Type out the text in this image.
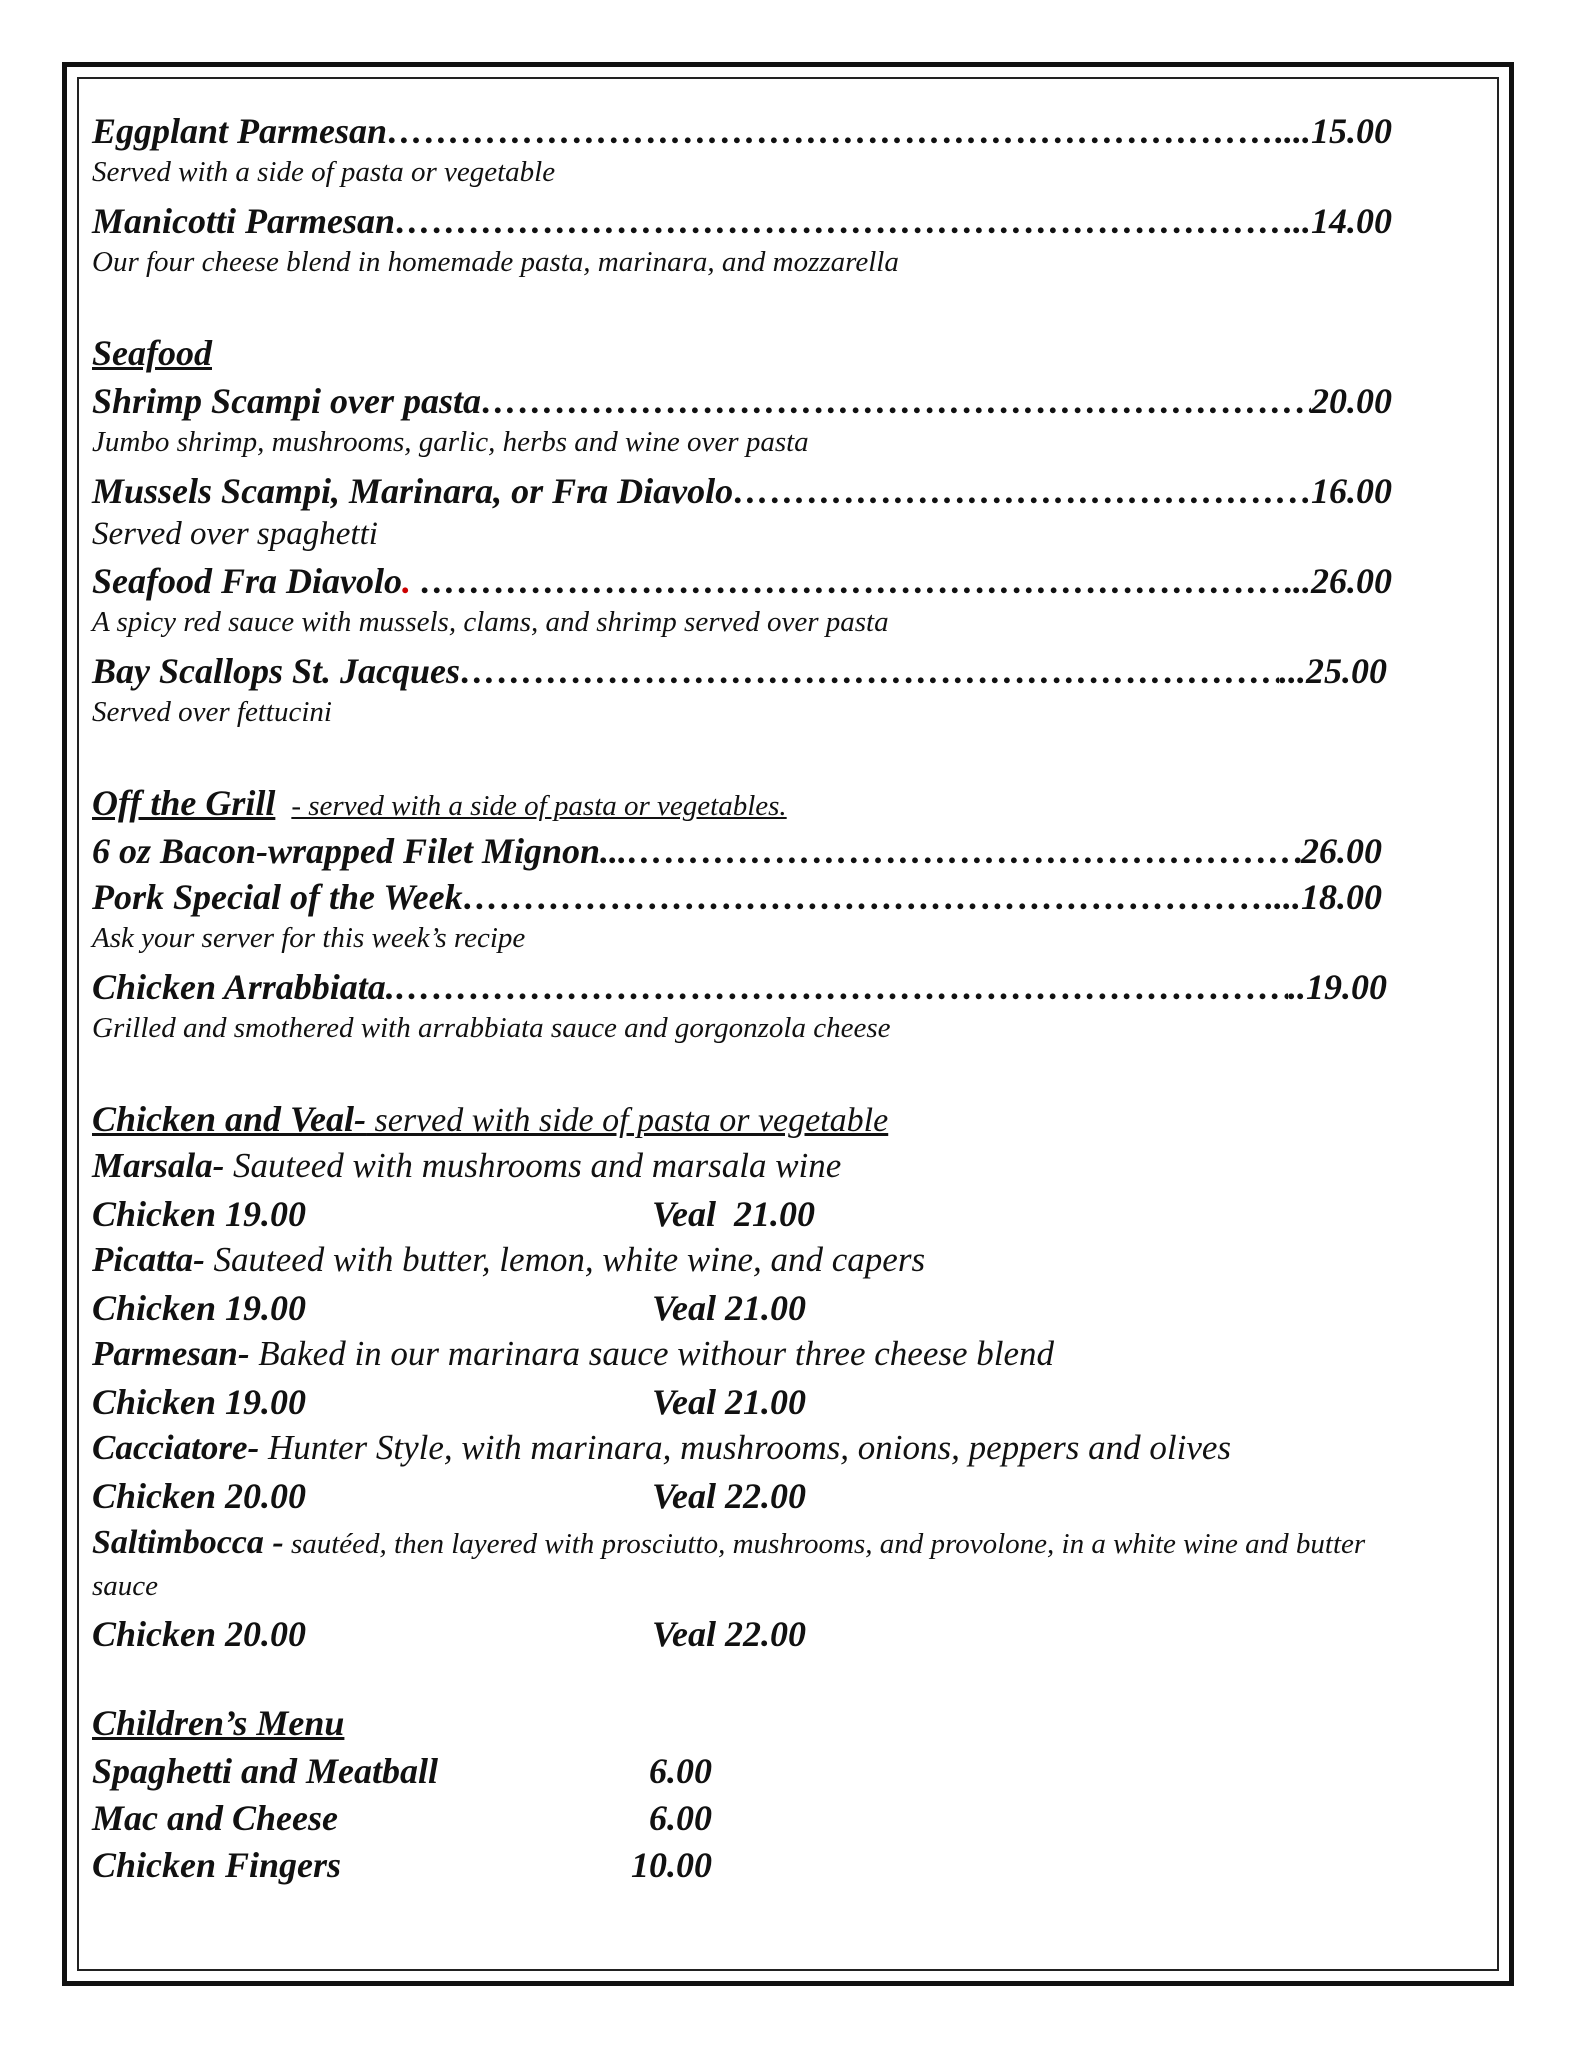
Eggplant Parmesan …………………………………………………………………………………………………………………………………………………………………………………………	....15.00
Served with a side of pasta or vegetable
Manicotti Parmesan …………………………………………………………………………………………………………………………………………………………………………………………	...14.00
Our four cheese blend in homemade pasta, marinara, and mozzarella
Seafood
Shrimp Scampi over pasta …………………………………………………………………………………………………………………………………………………………………………………………	20.00
Jumbo shrimp, mushrooms, garlic, herbs and wine over pasta
Mussels Scampi, Marinara, or Fra Diavolo …………………………………………………………………………………………………………………………………………………………………………………………	.16.00
Served over spaghetti
Seafood Fra Diavolo . …………………………………………………………………………………………………………………………………………………………………………………………	..26.00
A spicy red sauce with mussels, clams, and shrimp served over pasta
Bay Scallops St. Jacques …………………………………………………………………………………………………………………………………………………………………………………………	...25.00
Served over fettucini
Off the Grill - served with a side of pasta or vegetables.
6 oz Bacon-wrapped Filet Mignon... …………………………………………………………………………………………………………………………………………………………………………………………	26.00
Pork Special of the Week …………………………………………………………………………………………………………………………………………………………………………………………	....18.00
Ask your server for this week’s recipe
Chicken Arrabbiata. …………………………………………………………………………………………………………………………………………………………………………………………	..19.00
Grilled and smothered with arrabbiata sauce and gorgonzola cheese
Chicken and Veal- served with side of pasta or vegetable
Marsala- Sauteed with mushrooms and marsala wine
Chicken 19.00	Veal  21.00
Picatta- Sauteed with butter, lemon, white wine, and capers
Chicken 19.00	Veal 21.00
Parmesan- Baked in our marinara sauce withour three cheese blend
Chicken 19.00	Veal 21.00
Cacciatore- Hunter Style, with marinara, mushrooms, onions, peppers and olives
Chicken 20.00	Veal 22.00
Saltimbocca - sautéed, then layered with prosciutto, mushrooms, and provolone, in a white wine and butter sauce
Chicken 20.00	Veal 22.00
Children’s Menu
Spaghetti and Meatball	6.00
Mac and Cheese	6.00
Chicken Fingers	10.00
